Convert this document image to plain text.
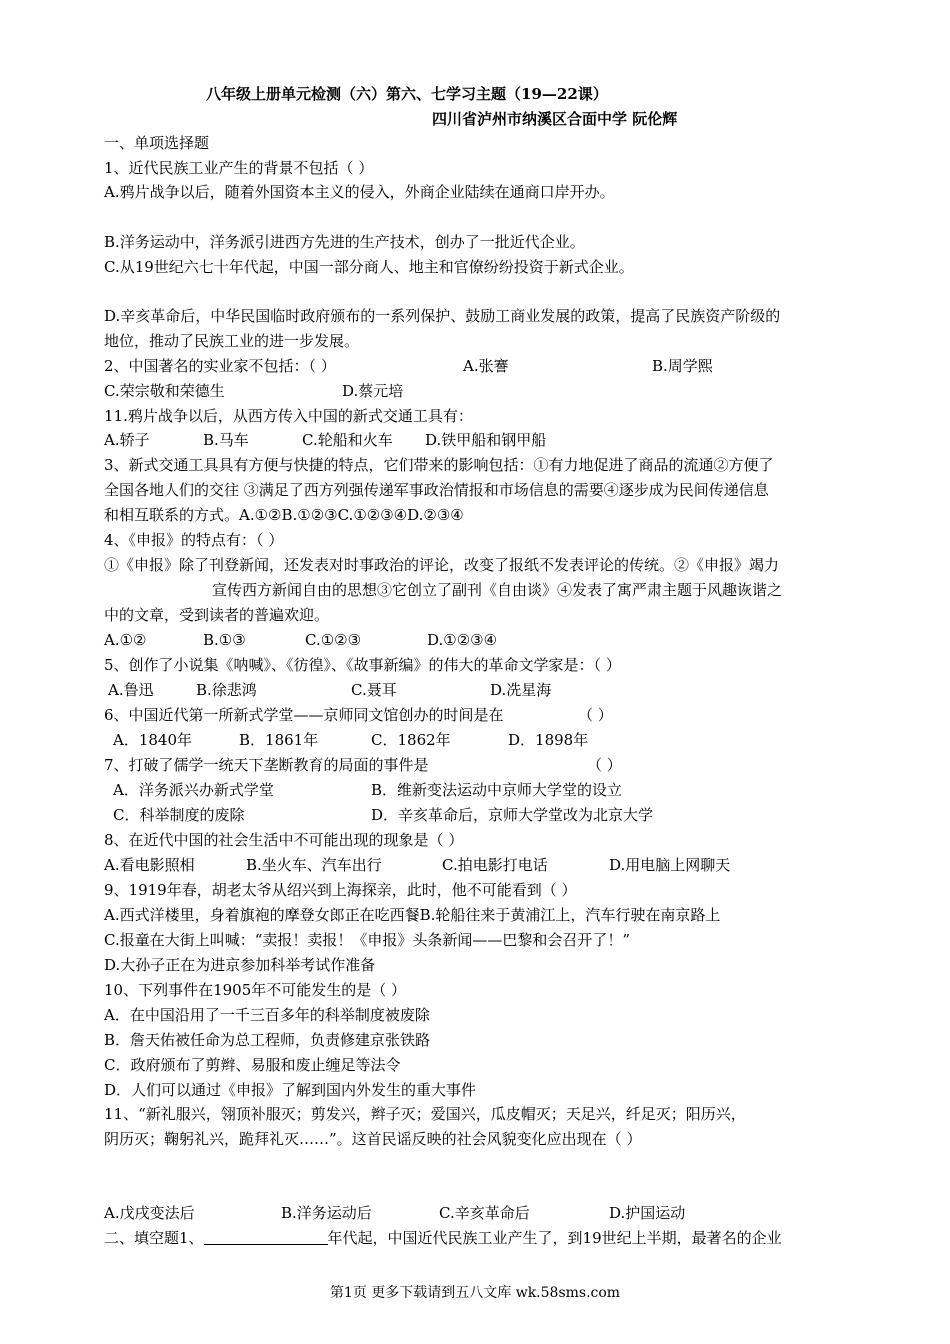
八年级上册单元检测（六）第六、七学习主题（19—22课）
四川省泸州市纳溪区合面中学 阮伦辉
一、单项选择题
1、近代民族工业产生的背景不包括（ ）
A.鸦片战争以后，随着外国资本主义的侵入，外商企业陆续在通商口岸开办。
B.洋务运动中，洋务派引进西方先进的生产技术，创办了一批近代企业。
C.从19世纪六七十年代起，中国一部分商人、地主和官僚纷纷投资于新式企业。
D.辛亥革命后，中华民国临时政府颁布的一系列保护、鼓励工商业发展的政策，提高了民族资产阶级的
地位，推动了民族工业的进一步发展。
2、中国著名的实业家不包括：（ ）	A.张謇	B.周学熙
C.荣宗敬和荣德生	D.蔡元培
11.鸦片战争以后，从西方传入中国的新式交通工具有：
A.轿子	B.马车	C.轮船和火车 D.铁甲船和钢甲船
3、新式交通工具具有方便与快捷的特点，它们带来的影响包括：①有力地促进了商品的流通②方便了
全国各地人们的交往 ③满足了西方列强传递军事政治情报和市场信息的需要④逐步成为民间传递信息
和相互联系的方式。A.①②B.①②③C.①②③④D.②③④
4、《申报》的特点有：（ ）
①《申报》除了刊登新闻，还发表对时事政治的评论，改变了报纸不发表评论的传统。②《申报》竭力
宣传西方新闻自由的思想③它创立了副刊《自由谈》④发表了寓严肃主题于风趣诙谐之
中的文章，受到读者的普遍欢迎。
A.①②	B.①③	C.①②③	D.①②③④
5、创作了小说集《呐喊》、《彷徨》、《故事新编》的伟大的革命文学家是：（ ）
A.鲁迅	B.徐悲鸿	C.聂耳	D.冼星海
6、中国近代第一所新式学堂——京师同文馆创办的时间是在	（ ）
A．1840年	B．1861年	C．1862年	D．1898年
7、打破了儒学一统天下垄断教育的局面的事件是	（ ）
A．洋务派兴办新式学堂	B．维新变法运动中京师大学堂的设立
C．科举制度的废除	D．辛亥革命后，京师大学堂改为北京大学
8、在近代中国的社会生活中不可能出现的现象是（ ）
A.看电影照相	B.坐火车、汽车出行	C.拍电影打电话	D.用电脑上网聊天
9、1919年春，胡老太爷从绍兴到上海探亲，此时，他不可能看到（ ）
A.西式洋楼里，身着旗袍的摩登女郎正在吃西餐B.轮船往来于黄浦江上，汽车行驶在南京路上
C.报童在大街上叫喊：“卖报！卖报！《申报》头条新闻——巴黎和会召开了！”
D.大孙子正在为进京参加科举考试作准备
10、下列事件在1905年不可能发生的是（ ）
A．在中国沿用了一千三百多年的科举制度被废除
B．詹天佑被任命为总工程师，负责修建京张铁路
C．政府颁布了剪辫、易服和废止缠足等法令
D．人们可以通过《申报》了解到国内外发生的重大事件
11、“新礼服兴，翎顶补服灭；剪发兴，辫子灭；爱国兴，瓜皮帽灭；天足兴，纤足灭；阳历兴，
阴历灭；鞠躬礼兴，跪拜礼灭……”。这首民谣反映的社会风貌变化应出现在（ ）
A.戊戌变法后	B.洋务运动后	C.辛亥革命后	D.护国运动
二、填空题1、	年代起，中国近代民族工业产生了，到19世纪上半期，最著名的企业
第1页 更多下载请到五八文库 wk.58sms.com
